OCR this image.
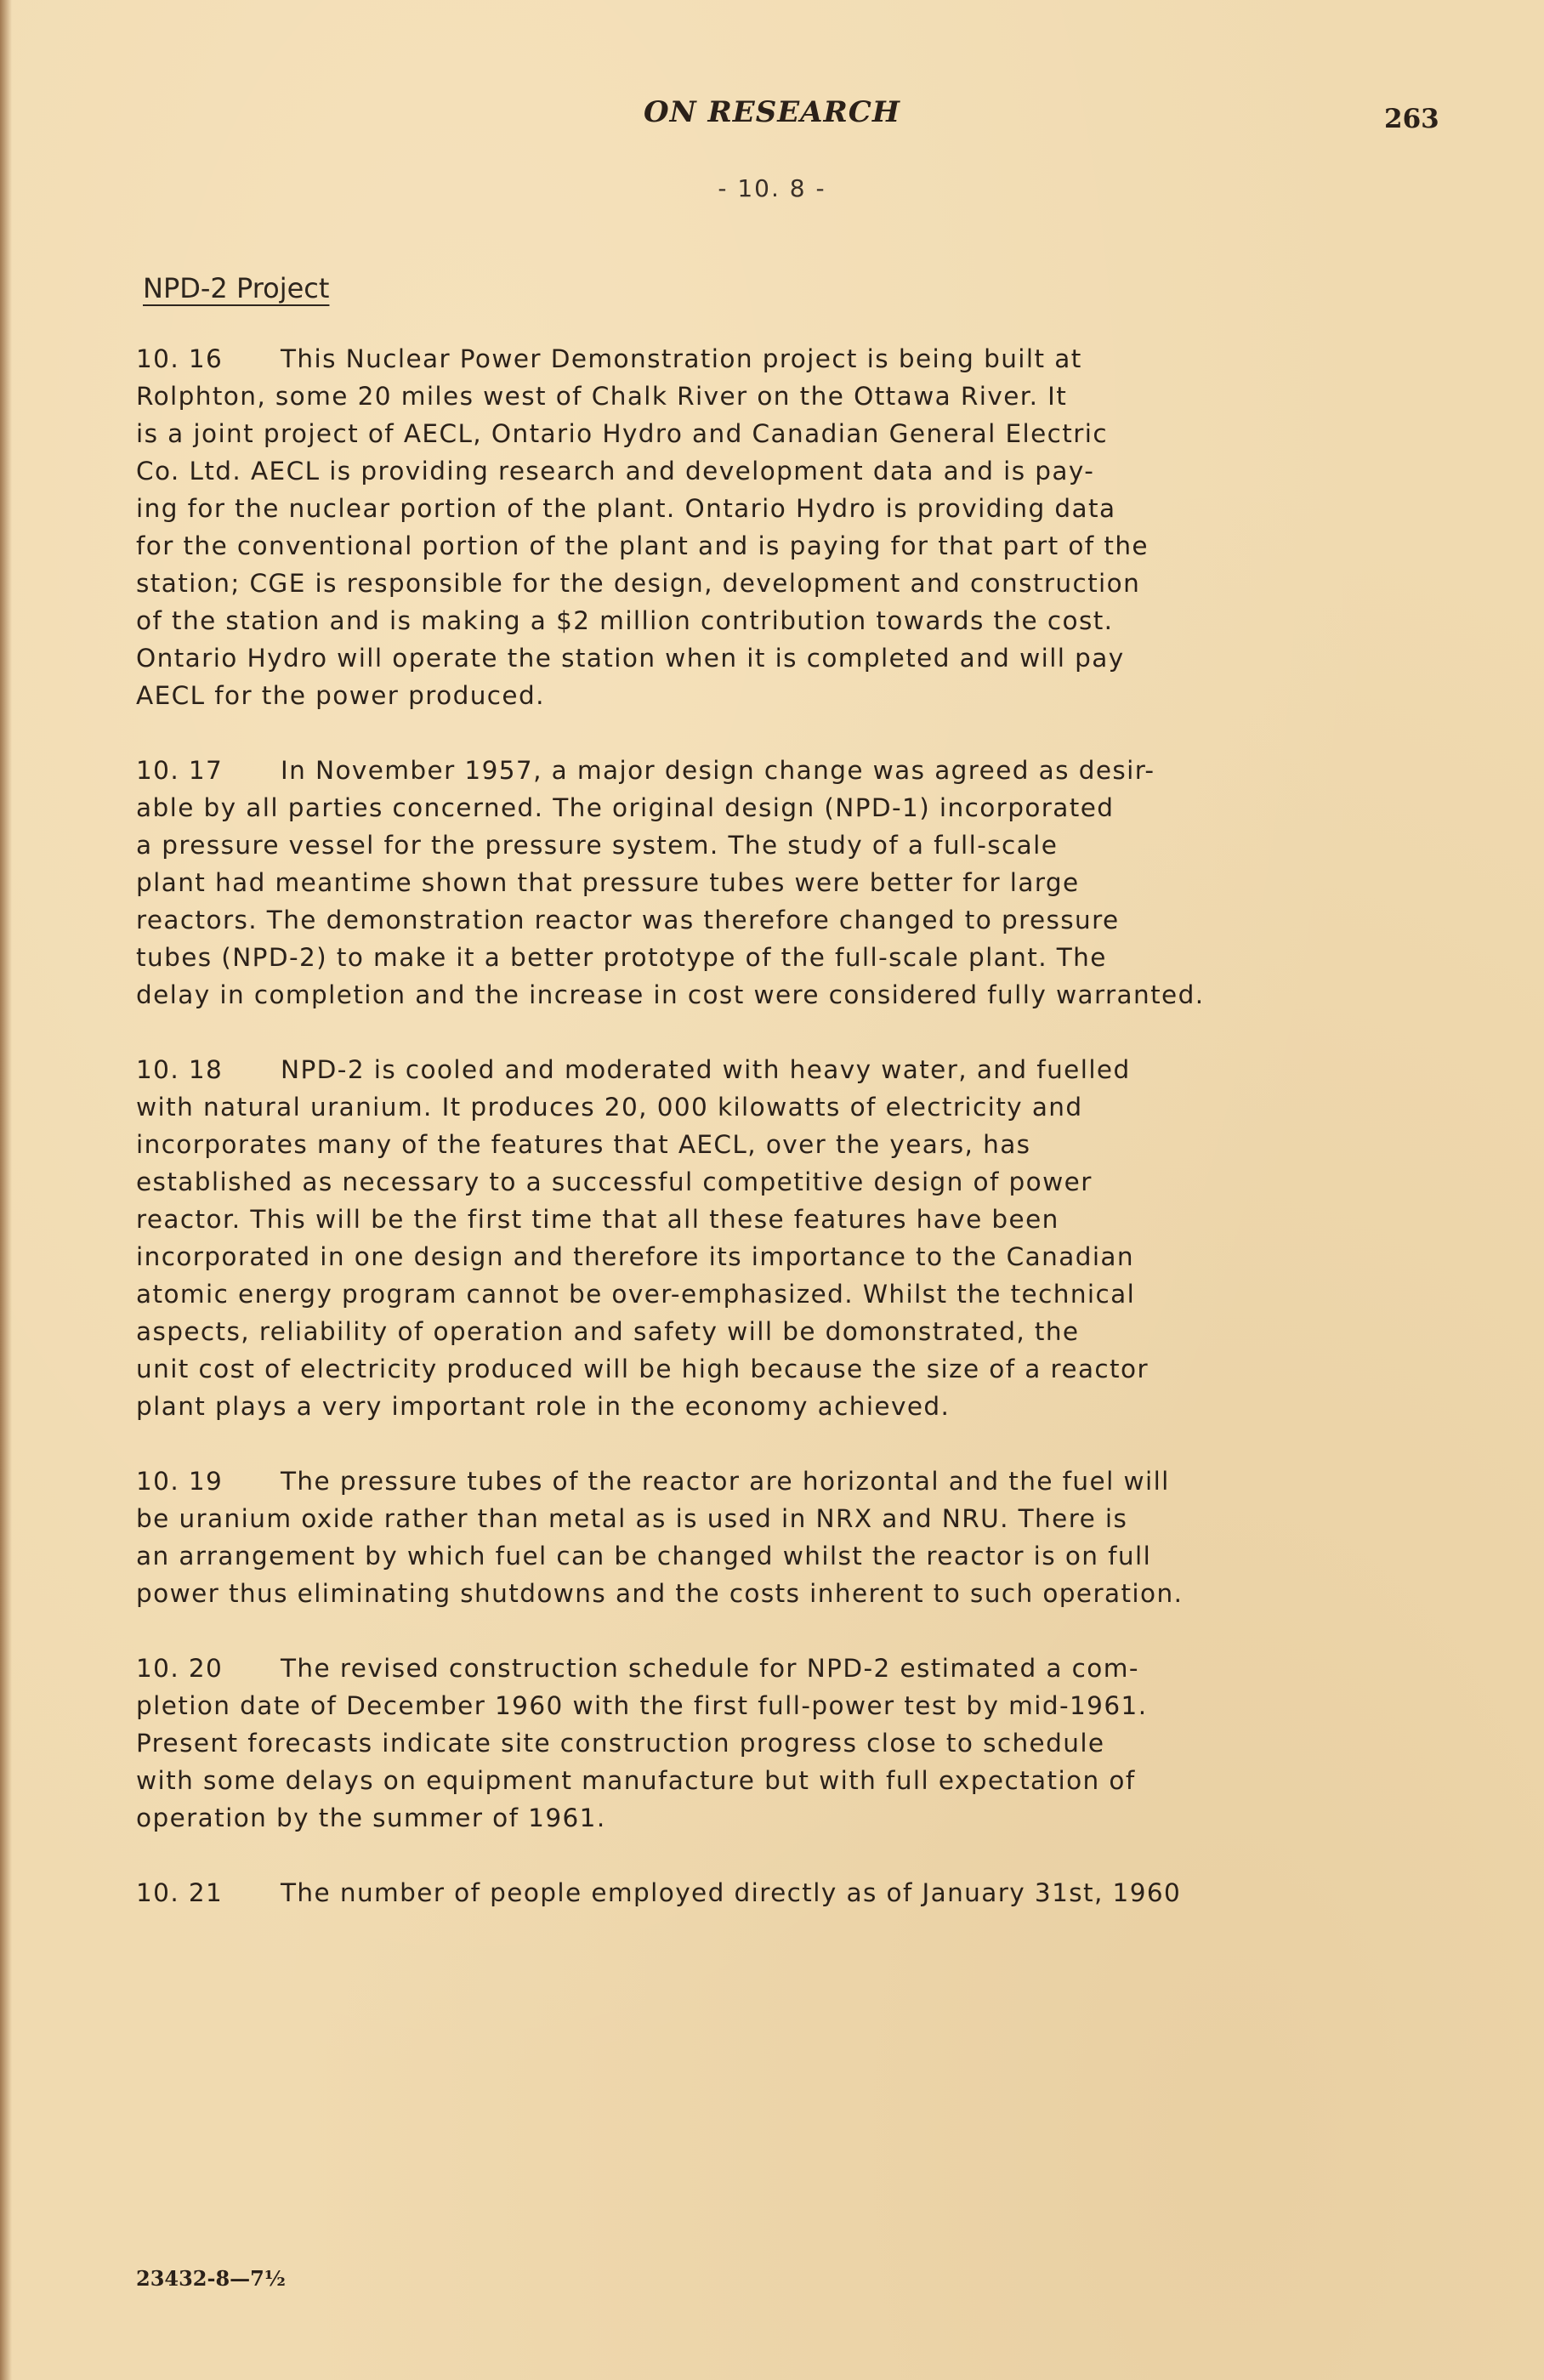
ON RESEARCH	263
- 10. 8 -
NPD-2 Project

10. 16 This Nuclear Power Demonstration project is being built at
Rolphton, some 20 miles west of Chalk River on the Ottawa River. It
is a joint project of AECL, Ontario Hydro and Canadian General Electric
Co. Ltd. AECL is providing research and development data and is pay-
ing for the nuclear portion of the plant. Ontario Hydro is providing data
for the conventional portion of the plant and is paying for that part of the
station; CGE is responsible for the design, development and construction
of the station and is making a $2 million contribution towards the cost.
Ontario Hydro will operate the station when it is completed and will pay
AECL for the power produced.

10. 17 In November 1957, a major design change was agreed as desir-
able by all parties concerned. The original design (NPD-1) incorporated
a pressure vessel for the pressure system. The study of a full-scale
plant had meantime shown that pressure tubes were better for large
reactors. The demonstration reactor was therefore changed to pressure
tubes (NPD-2) to make it a better prototype of the full-scale plant. The
delay in completion and the increase in cost were considered fully warranted.

10. 18 NPD-2 is cooled and moderated with heavy water, and fuelled
with natural uranium. It produces 20, 000 kilowatts of electricity and
incorporates many of the features that AECL, over the years, has
established as necessary to a successful competitive design of power
reactor. This will be the first time that all these features have been
incorporated in one design and therefore its importance to the Canadian
atomic energy program cannot be over-emphasized. Whilst the technical
aspects, reliability of operation and safety will be domonstrated, the
unit cost of electricity produced will be high because the size of a reactor
plant plays a very important role in the economy achieved.

10. 19 The pressure tubes of the reactor are horizontal and the fuel will
be uranium oxide rather than metal as is used in NRX and NRU. There is
an arrangement by which fuel can be changed whilst the reactor is on full
power thus eliminating shutdowns and the costs inherent to such operation.

10. 20 The revised construction schedule for NPD-2 estimated a com-
pletion date of December 1960 with the first full-power test by mid-1961.
Present forecasts indicate site construction progress close to schedule
with some delays on equipment manufacture but with full expectation of
operation by the summer of 1961.

10. 21 The number of people employed directly as of January 31st, 1960

23432-8—7½
